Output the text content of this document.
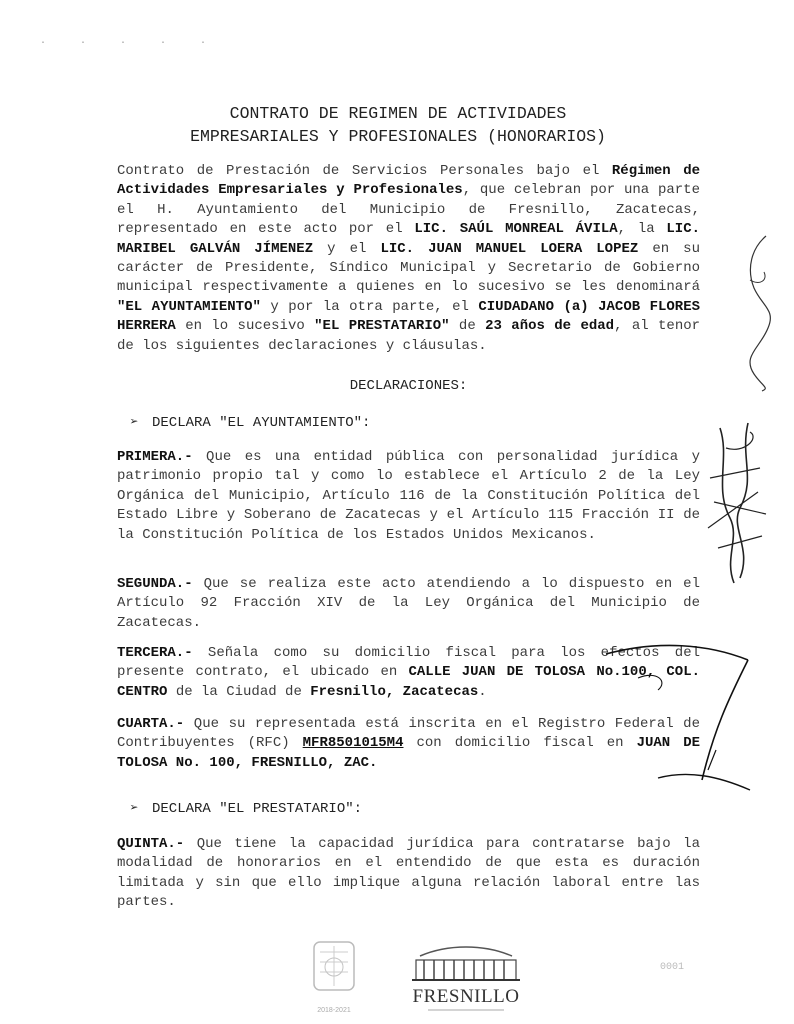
· · · · ·
CONTRATO DE REGIMEN DE ACTIVIDADES
EMPRESARIALES Y PROFESIONALES (HONORARIOS)
Contrato de Prestación de Servicios Personales bajo el Régimen de Actividades Empresariales y Profesionales, que celebran por una parte el H. Ayuntamiento del Municipio de Fresnillo, Zacatecas, representado en este acto por el LIC. SAÚL MONREAL ÁVILA, la LIC. MARIBEL GALVÁN JÍMENEZ y el LIC. JUAN MANUEL LOERA LOPEZ en su carácter de Presidente, Síndico Municipal y Secretario de Gobierno municipal respectivamente a quienes en lo sucesivo se les denominará "EL AYUNTAMIENTO" y por la otra parte, el CIUDADANO (a) JACOB FLORES HERRERA en lo sucesivo "EL PRESTATARIO" de 23 años de edad, al tenor de los siguientes declaraciones y cláusulas.
DECLARACIONES:
➢ DECLARA "EL AYUNTAMIENTO":
PRIMERA.- Que es una entidad pública con personalidad jurídica y patrimonio propio tal y como lo establece el Artículo 2 de la Ley Orgánica del Municipio, Artículo 116 de la Constitución Política del Estado Libre y Soberano de Zacatecas y el Artículo 115 Fracción II de la Constitución Política de los Estados Unidos Mexicanos.
SEGUNDA.- Que se realiza este acto atendiendo a lo dispuesto en el Artículo 92 Fracción XIV de la Ley Orgánica del Municipio de Zacatecas.
TERCERA.- Señala como su domicilio fiscal para los efectos del presente contrato, el ubicado en CALLE JUAN DE TOLOSA No.100, COL. CENTRO de la Ciudad de Fresnillo, Zacatecas.
CUARTA.- Que su representada está inscrita en el Registro Federal de Contribuyentes (RFC) MFR8501015M4 con domicilio fiscal en JUAN DE TOLOSA No. 100, FRESNILLO, ZAC.
➢ DECLARA "EL PRESTATARIO":
QUINTA.- Que tiene la capacidad jurídica para contratarse bajo la modalidad de honorarios en el entendido de que esta es duración limitada y sin que ello implique alguna relación laboral entre las partes.
2018-2021
FRESNILLO
0001
